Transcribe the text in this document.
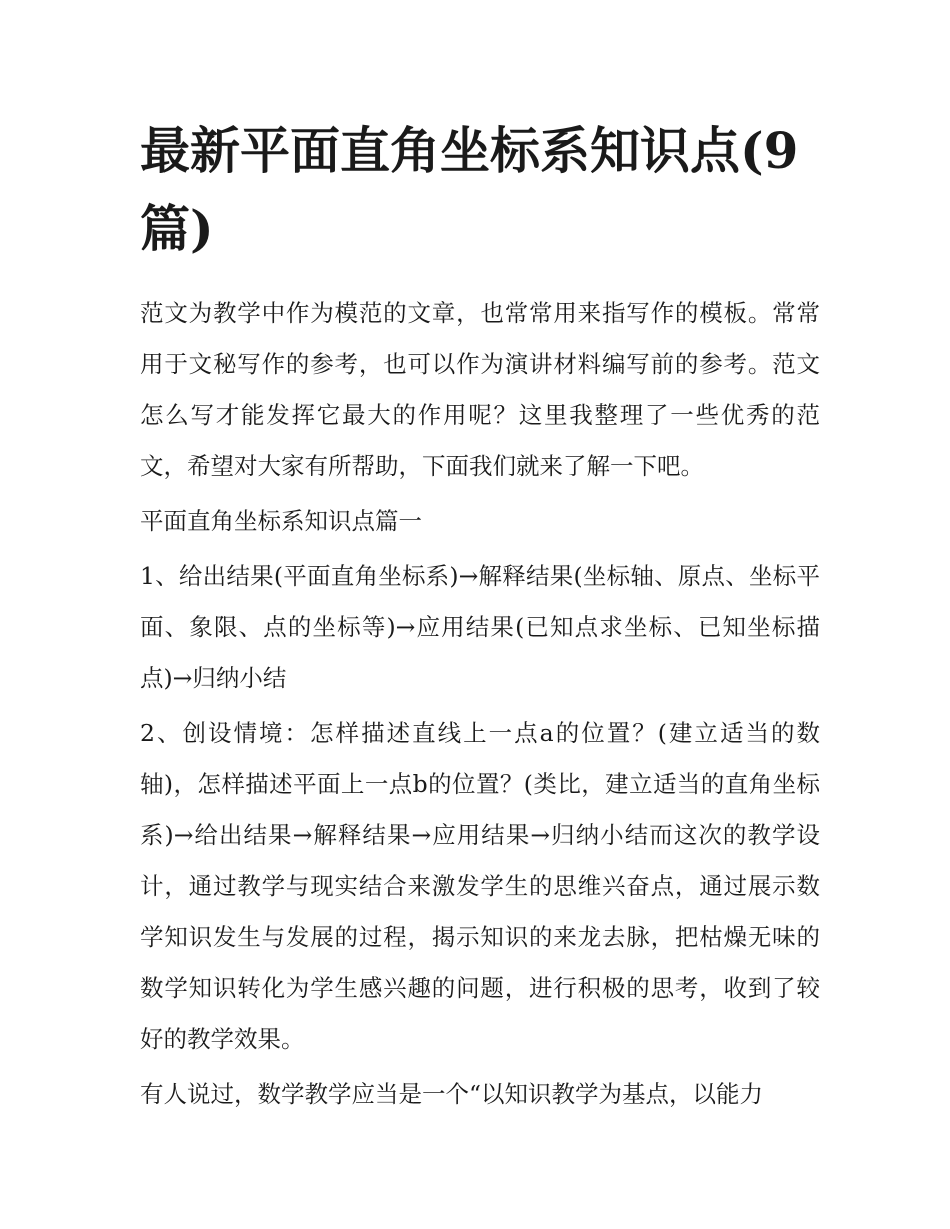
最新平面直角坐标系知识点(9篇)

范文为教学中作为模范的文章，也常常用来指写作的模板。常常用于文秘写作的参考，也可以作为演讲材料编写前的参考。范文怎么写才能发挥它最大的作用呢？这里我整理了一些优秀的范文，希望对大家有所帮助，下面我们就来了解一下吧。

平面直角坐标系知识点篇一

1、给出结果(平面直角坐标系)→解释结果(坐标轴、原点、坐标平面、象限、点的坐标等)→应用结果(已知点求坐标、已知坐标描点)→归纳小结

2、创设情境：怎样描述直线上一点a的位置？(建立适当的数轴)，怎样描述平面上一点b的位置？(类比，建立适当的直角坐标系)→给出结果→解释结果→应用结果→归纳小结而这次的教学设计，通过教学与现实结合来激发学生的思维兴奋点，通过展示数学知识发生与发展的过程，揭示知识的来龙去脉，把枯燥无味的数学知识转化为学生感兴趣的问题，进行积极的思考，收到了较好的教学效果。

有人说过，数学教学应当是一个“以知识教学为基点，以能力
